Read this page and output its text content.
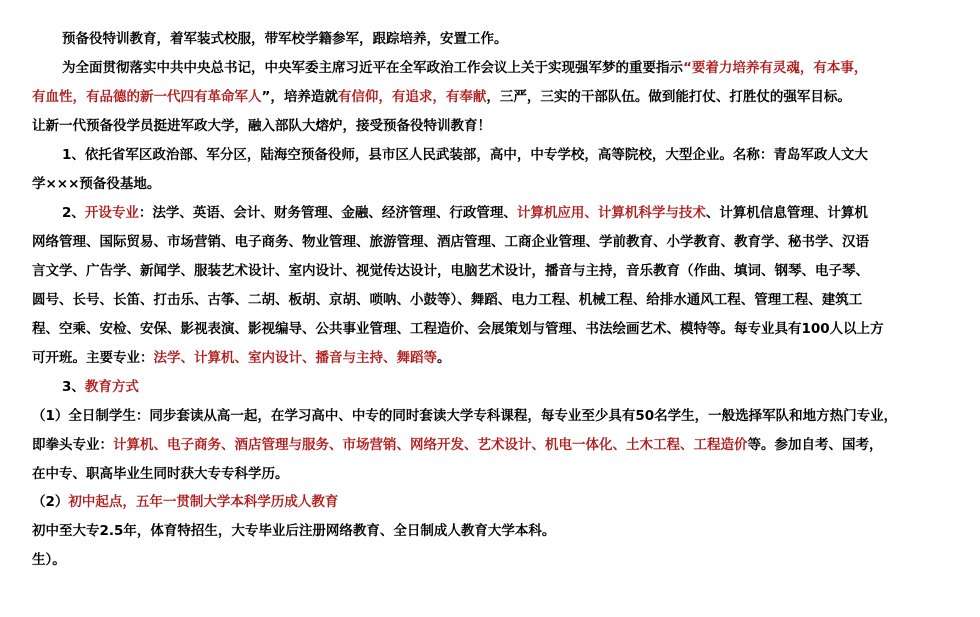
预备役特训教育，着军装式校服，带军校学籍参军，跟踪培养，安置工作。
为全面贯彻落实中共中央总书记，中央军委主席习近平在全军政治工作会议上关于实现强军梦的重要指示“要着力培养有灵魂，有本事，
有血性，有品德的新一代四有革命军人”，培养造就有信仰，有追求，有奉献，三严，三实的干部队伍。做到能打仗、打胜仗的强军目标。
让新一代预备役学员挺进军政大学，融入部队大熔炉，接受预备役特训教育！
1、依托省军区政治部、军分区，陆海空预备役师，县市区人民武装部，高中，中专学校，高等院校，大型企业。名称：青岛军政人文大
学×××预备役基地。
2、开设专业：法学、英语、会计、财务管理、金融、经济管理、行政管理、计算机应用、计算机科学与技术、计算机信息管理、计算机
网络管理、国际贸易、市场营销、电子商务、物业管理、旅游管理、酒店管理、工商企业管理、学前教育、小学教育、教育学、秘书学、汉语
言文学、广告学、新闻学、服装艺术设计、室内设计、视觉传达设计，电脑艺术设计，播音与主持，音乐教育（作曲、填词、钢琴、电子琴、
圆号、长号、长笛、打击乐、古筝、二胡、板胡、京胡、唢呐、小鼓等）、舞蹈、电力工程、机械工程、给排水通风工程、管理工程、建筑工
程、空乘、安检、安保、影视表演、影视编导、公共事业管理、工程造价、会展策划与管理、书法绘画艺术、模特等。每专业具有100人以上方
可开班。主要专业：法学、计算机、室内设计、播音与主持、舞蹈等。
3、教育方式
（1）全日制学生：同步套读从高一起，在学习高中、中专的同时套读大学专科课程，每专业至少具有50名学生，一般选择军队和地方热门专业，
即拳头专业：计算机、电子商务、酒店管理与服务、市场营销、网络开发、艺术设计、机电一体化、土木工程、工程造价等。参加自考、国考，
在中专、职高毕业生同时获大专专科学历。
（2）初中起点，五年一贯制大学本科学历成人教育
初中至大专2.5年，体育特招生，大专毕业后注册网络教育、全日制成人教育大学本科。
生）。
